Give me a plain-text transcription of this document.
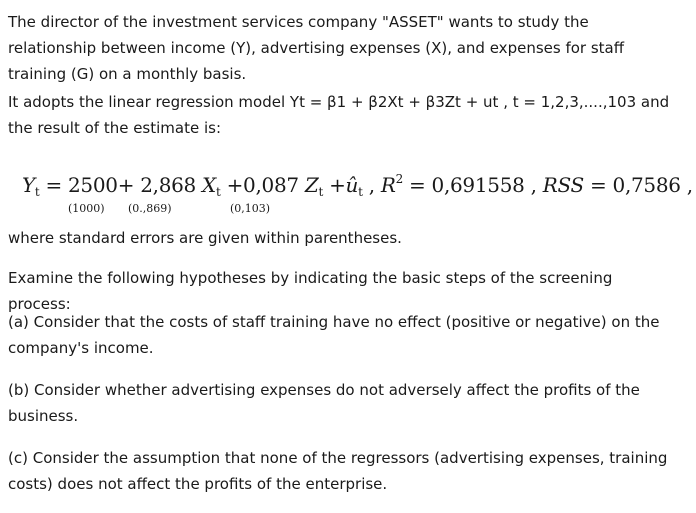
The director of the investment services company "ASSET" wants to study the relationship between income (Y), advertising expenses (X), and expenses for staff training (G) on a monthly basis.

It adopts the linear regression model Yt = β1 + β2Xt + β3Zt + ut , t = 1,2,3,....,103 and the result of the estimate is:

$Y_t = 2500+ 2,868$ $X_t +0,087$ $Z_t$ $+û_t$ , $R^2 = 0,691558$ , RSS = 0,7586 ,
(1000) (0.,869)	(0,103)

where standard errors are given within parentheses.

Examine the following hypotheses by indicating the basic steps of the screening process:

(a) Consider that the costs of staff training have no effect (positive or negative) on the company's income.

(b) Consider whether advertising expenses do not adversely affect the profits of the business.

(c) Consider the assumption that none of the regressors (advertising expenses, training costs) does not affect the profits of the enterprise.
